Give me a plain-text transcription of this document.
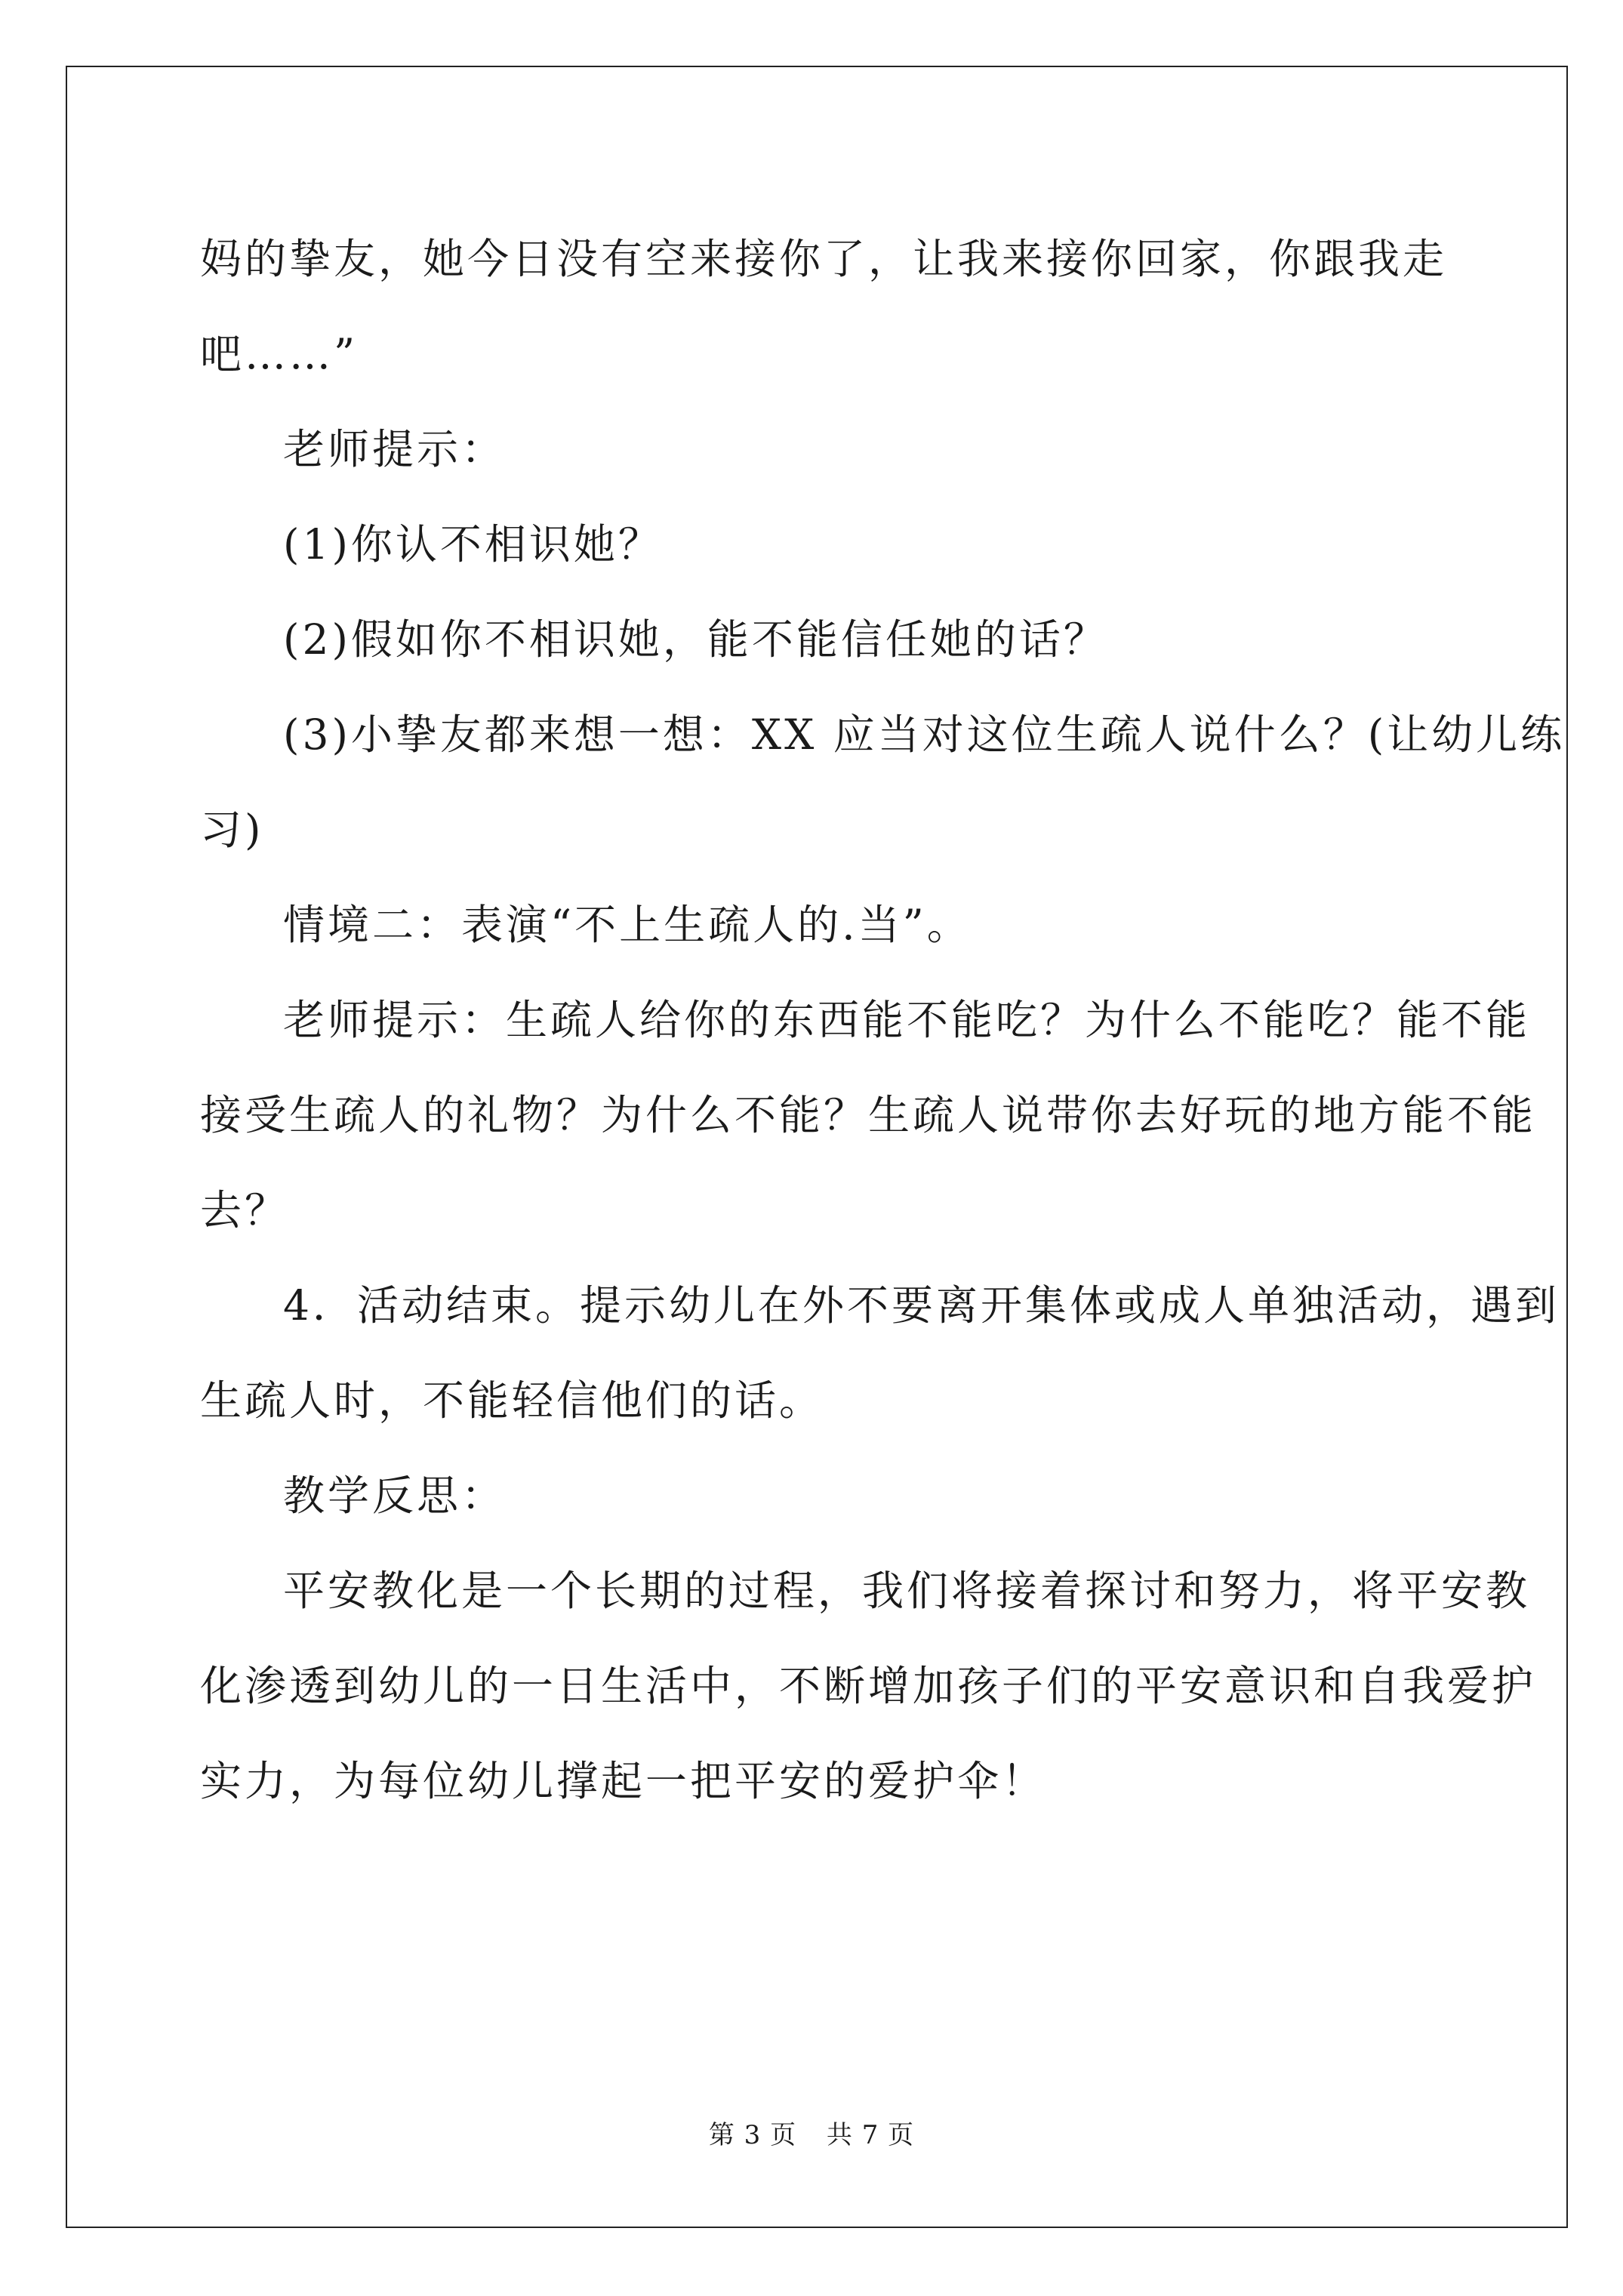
妈的挚友，她今日没有空来接你了，让我来接你回家，你跟我走
吧……”
老师提示：
(1)你认不相识她？
(2)假如你不相识她，能不能信任她的话？
(3)小挚友都来想一想：XX 应当对这位生疏人说什么？(让幼儿练
习)
情境二：表演“不上生疏人的.当”。
老师提示：生疏人给你的东西能不能吃？为什么不能吃？能不能
接受生疏人的礼物？为什么不能？生疏人说带你去好玩的地方能不能
去？
4．活动结束。提示幼儿在外不要离开集体或成人单独活动，遇到
生疏人时，不能轻信他们的话。
教学反思：
平安教化是一个长期的过程，我们将接着探讨和努力，将平安教
化渗透到幼儿的一日生活中，不断增加孩子们的平安意识和自我爱护
实力，为每位幼儿撑起一把平安的爱护伞！
第 3 页 共 7 页
